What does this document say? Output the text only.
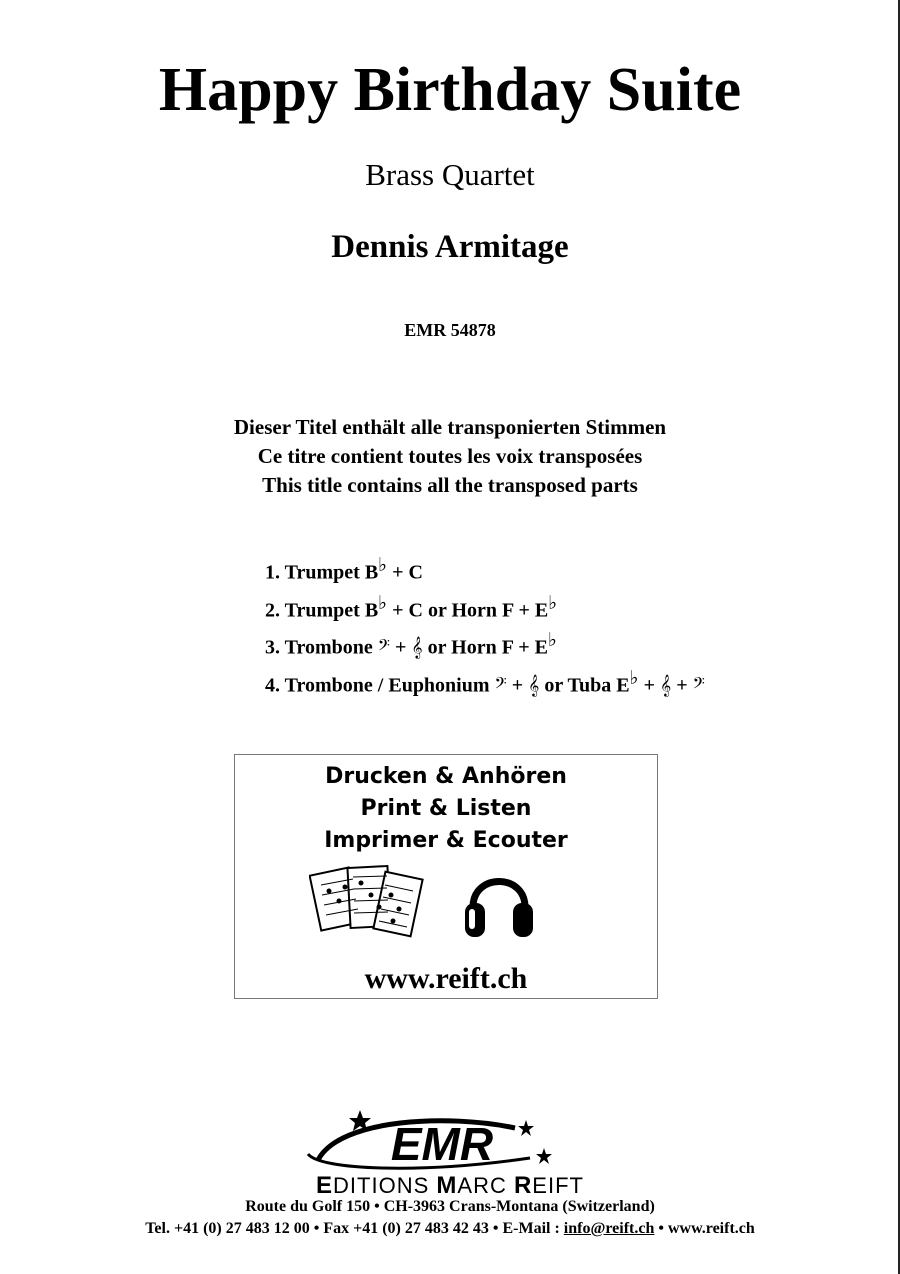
Happy Birthday Suite
Brass Quartet
Dennis Armitage
EMR 54878
Dieser Titel enthält alle transponierten Stimmen
Ce titre contient toutes les voix transposées
This title contains all the transposed parts
1. Trumpet B♭ + C
2. Trumpet B♭ + C or Horn F + E♭
3. Trombone 𝄢 + 𝄞 or Horn F + E♭
4. Trombone / Euphonium 𝄢 + 𝄞 or Tuba E♭ + 𝄞 + 𝄢
Drucken & Anhören
Print & Listen
Imprimer & Ecouter
www.reift.ch
EMR
EDITIONS MARC REIFT
Route du Golf 150 • CH-3963 Crans-Montana (Switzerland)
Tel. +41 (0) 27 483 12 00 • Fax +41 (0) 27 483 42 43 • E-Mail : info@reift.ch • www.reift.ch
